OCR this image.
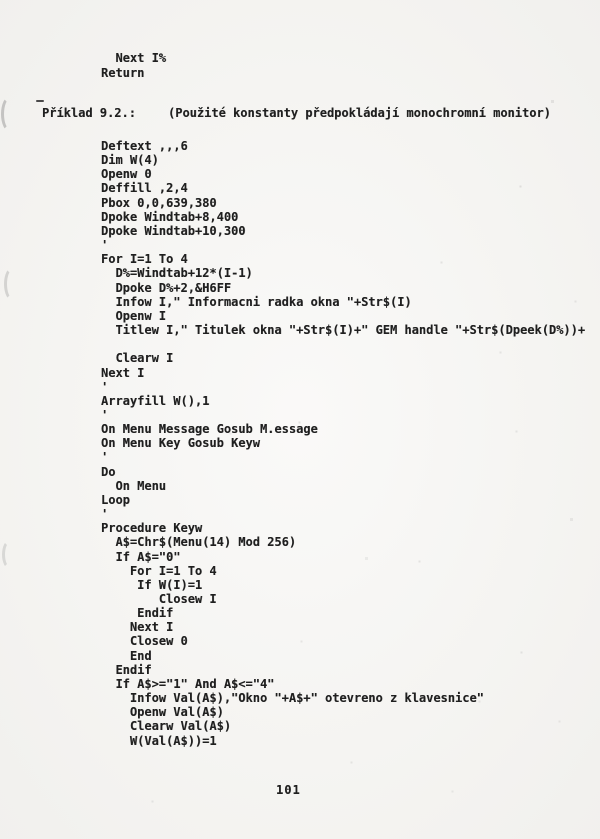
Next I%
Return
Příklad 9.2.:	(Použité konstanty předpokládají monochromní monitor)
Deftext ,,,6
Dim W(4)
Openw 0
Deffill ,2,4
Pbox 0,0,639,380
Dpoke Windtab+8,400
Dpoke Windtab+10,300
'
For I=1 To 4
D%=Windtab+12*(I-1)
Dpoke D%+2,&H6FF
Infow I," Informacni radka okna "+Str$(I)
Openw I
Titlew I," Titulek okna "+Str$(I)+" GEM handle "+Str$(Dpeek(D%))+

Clearw I
Next I
'
Arrayfill W(),1
'
On Menu Message Gosub M.essage
On Menu Key Gosub Keyw
'
Do
On Menu
Loop
'
Procedure Keyw
A$=Chr$(Menu(14) Mod 256)
If A$="0"
For I=1 To 4
If W(I)=1
Closew I
Endif
Next I
Closew 0
End
Endif
If A$>="1" And A$<="4"
Infow Val(A$),"Okno "+A$+" otevreno z klavesnice"
Openw Val(A$)
Clearw Val(A$)
W(Val(A$))=1
101
